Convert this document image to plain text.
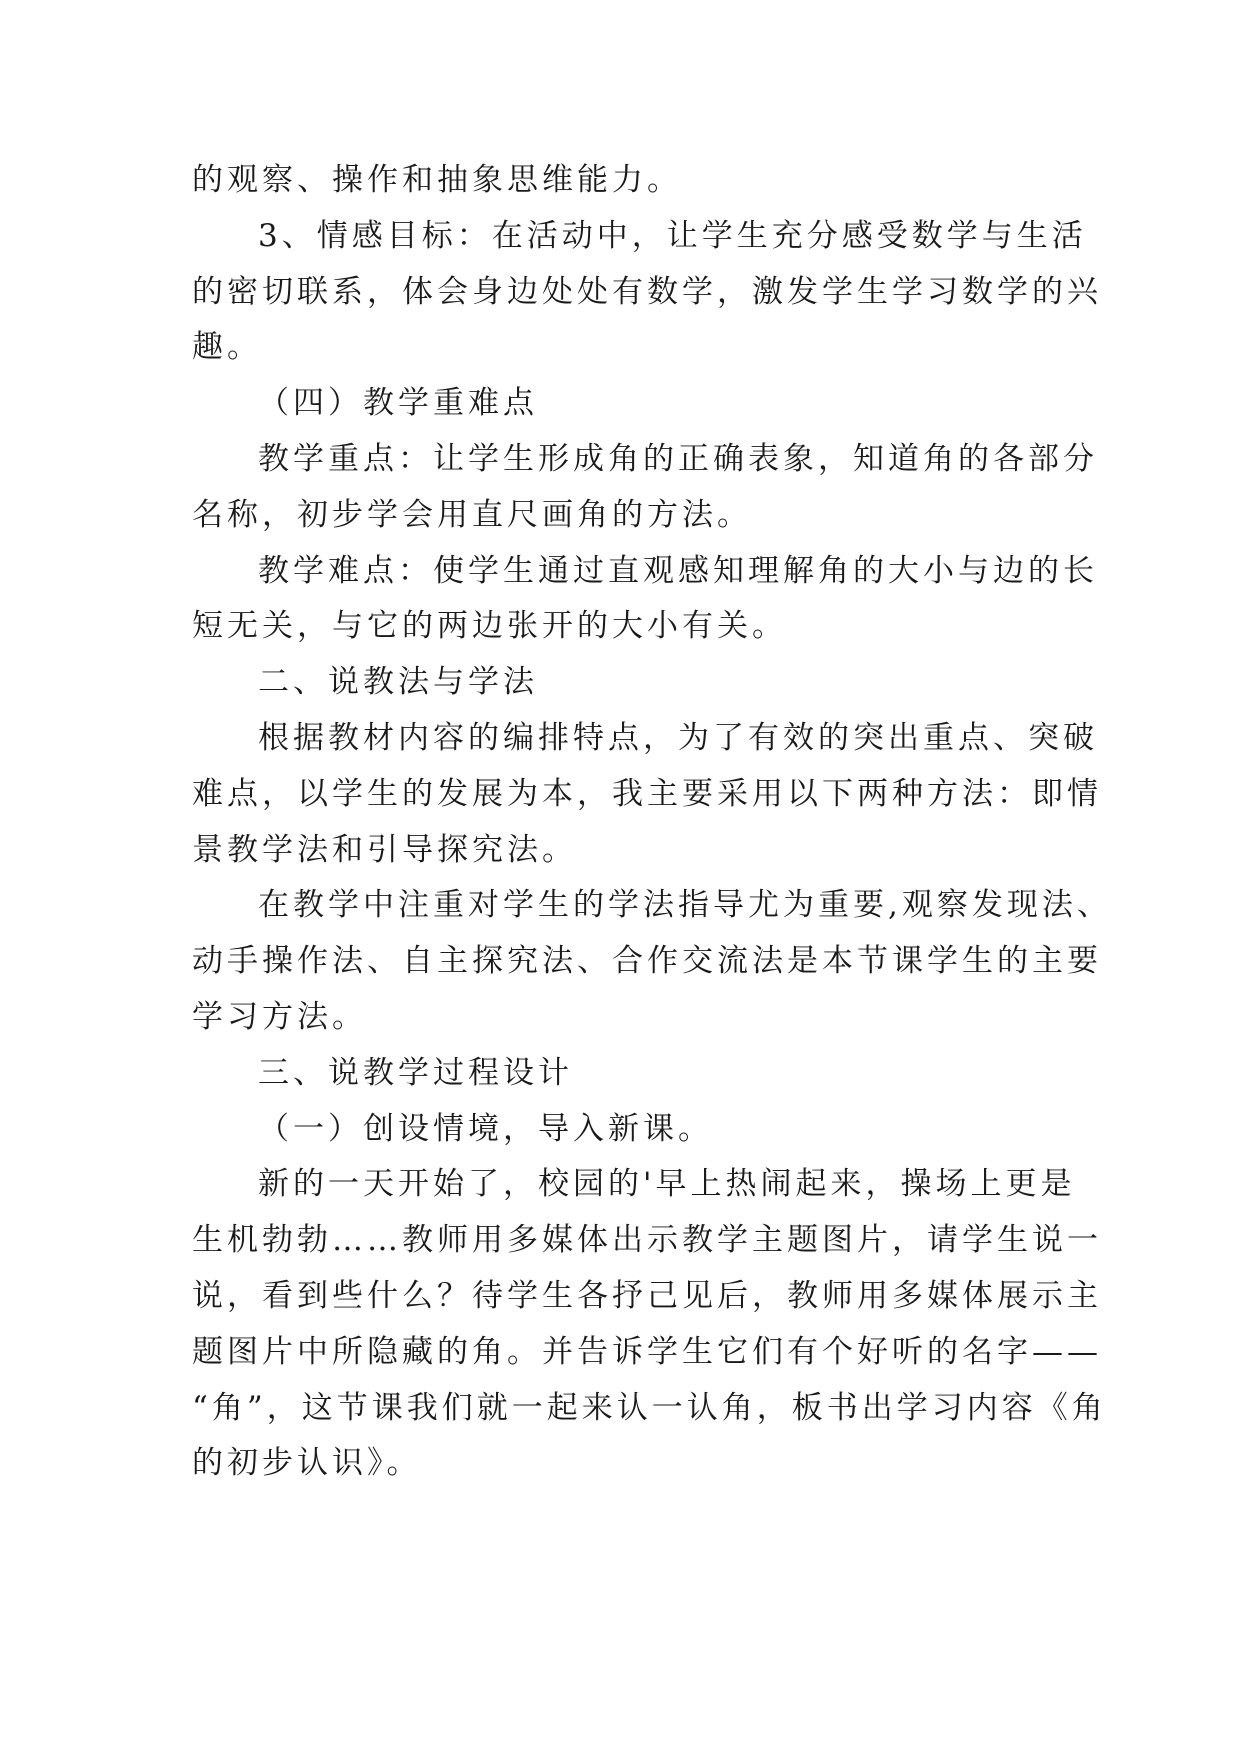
的观察、操作和抽象思维能力。
3、情感目标：在活动中，让学生充分感受数学与生活
的密切联系，体会身边处处有数学，激发学生学习数学的兴
趣。
（四）教学重难点
教学重点：让学生形成角的正确表象，知道角的各部分
名称，初步学会用直尺画角的方法。
教学难点：使学生通过直观感知理解角的大小与边的长
短无关，与它的两边张开的大小有关。
二、说教法与学法
根据教材内容的编排特点，为了有效的突出重点、突破
难点，以学生的发展为本，我主要采用以下两种方法：即情
景教学法和引导探究法。
在教学中注重对学生的学法指导尤为重要,观察发现法、
动手操作法、自主探究法、合作交流法是本节课学生的主要
学习方法。
三、说教学过程设计
（一）创设情境，导入新课。
新的一天开始了，校园的'早上热闹起来，操场上更是
生机勃勃……教师用多媒体出示教学主题图片，请学生说一
说，看到些什么？待学生各抒己见后，教师用多媒体展示主
题图片中所隐藏的角。并告诉学生它们有个好听的名字——
“角”，这节课我们就一起来认一认角，板书出学习内容《角
的初步认识》。
